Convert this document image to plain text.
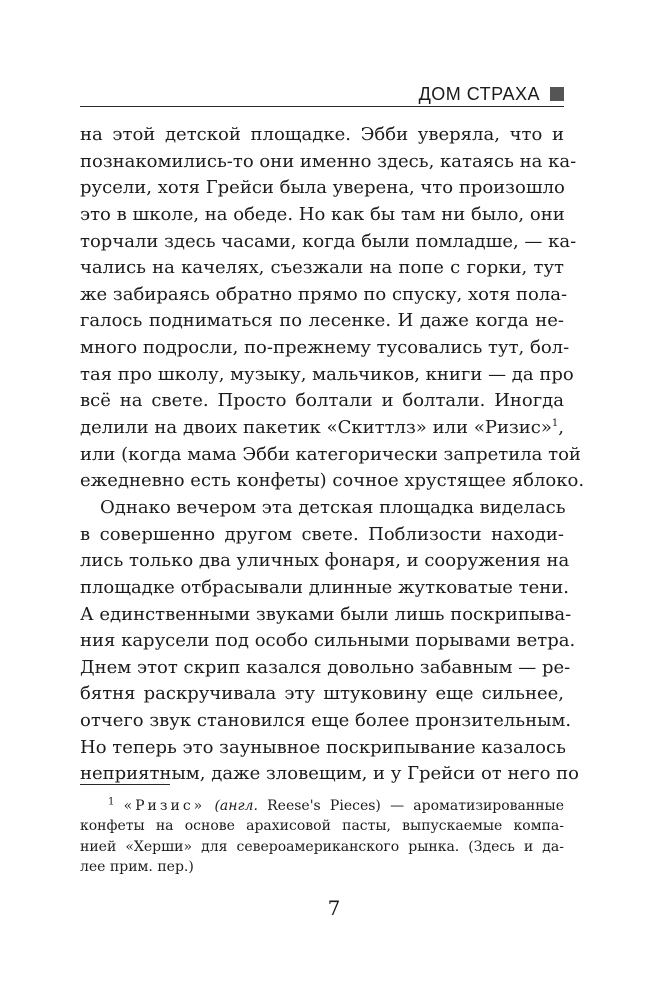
ДОМ СТРАХА
на этой детской площадке. Эбби уверяла, что и
познакомились-то они именно здесь, катаясь на ка-
русели, хотя Грейси была уверена, что произошло
это в школе, на обеде. Но как бы там ни было, они
торчали здесь часами, когда были помладше, — ка-
чались на качелях, съезжали на попе с горки, тут
же забираясь обратно прямо по спуску, хотя пола-
галось подниматься по лесенке. И даже когда не-
много подросли, по-прежнему тусовались тут, бол-
тая про школу, музыку, мальчиков, книги — да про
всё на свете. Просто болтали и болтали. Иногда
делили на двоих пакетик «Скиттлз» или «Ризис»$^1$,
или (когда мама Эбби категорически запретила той
ежедневно есть конфеты) сочное хрустящее яблоко.
Однако вечером эта детская площадка виделась
в совершенно другом свете. Поблизости находи-
лись только два уличных фонаря, и сооружения на
площадке отбрасывали длинные жутковатые тени.
А единственными звуками были лишь поскрипыва-
ния карусели под особо сильными порывами ветра.
Днем этот скрип казался довольно забавным — ре-
бятня раскручивала эту штуковину еще сильнее,
отчего звук становился еще более пронзительным.
Но теперь это заунывное поскрипывание казалось
неприятным, даже зловещим, и у Грейси от него по
$^1$ «Ризис» (англ. Reese's Pieces) — ароматизированные
конфеты на основе арахисовой пасты, выпускаемые компа-
нией «Херши» для североамериканского рынка. (Здесь и да-
лее прим. пер.)
7
